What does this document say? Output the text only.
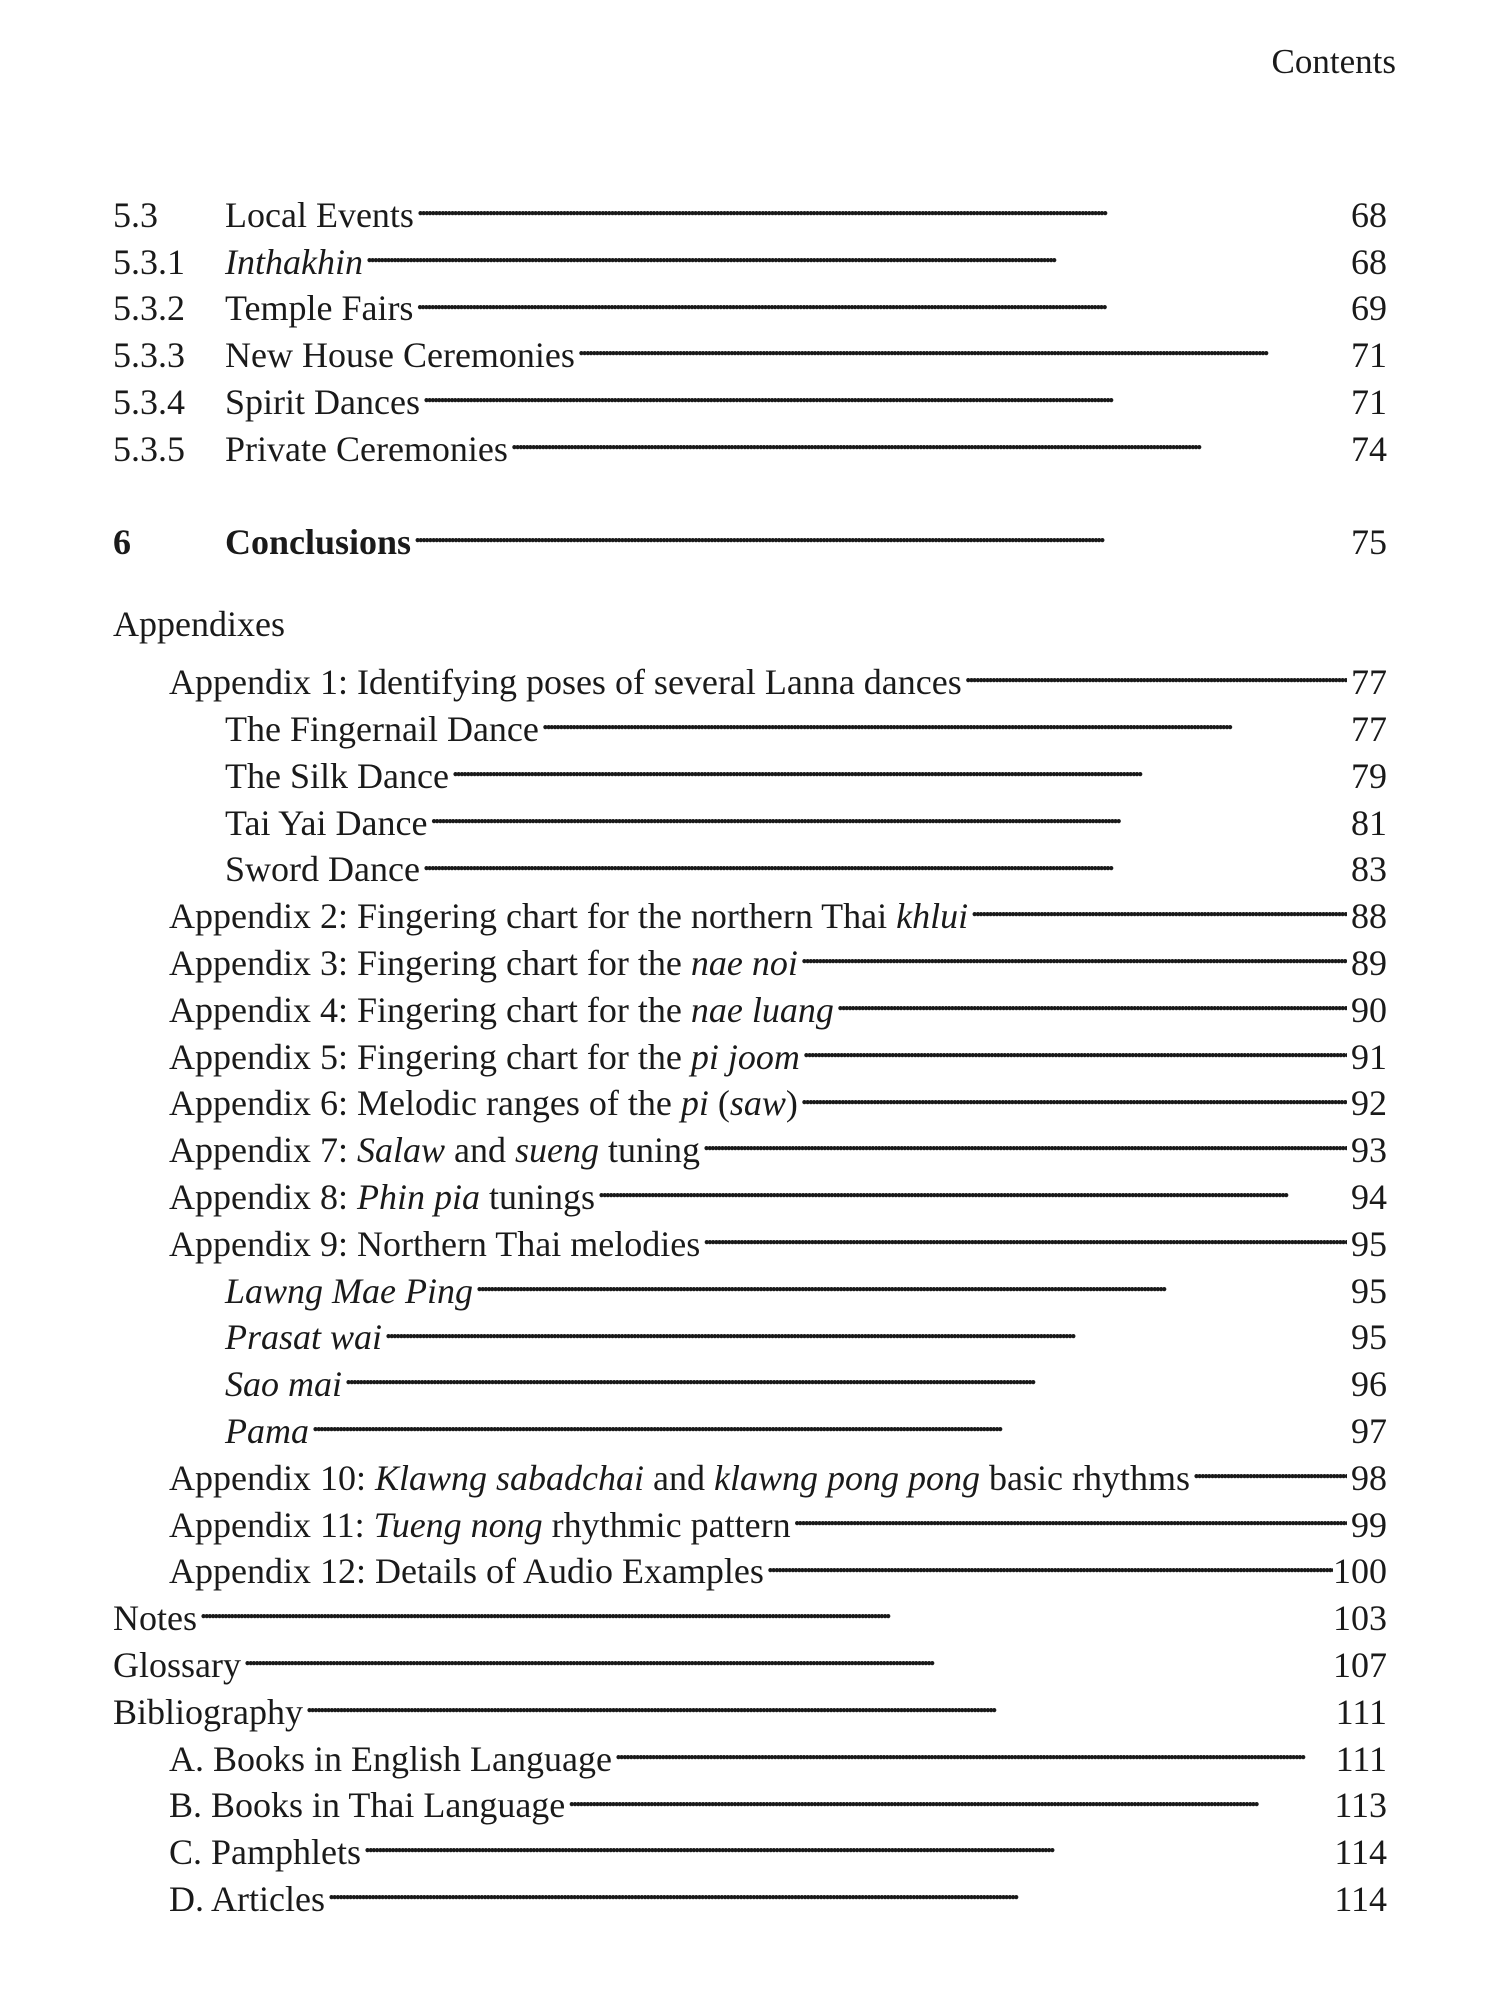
Contents
5.3	Local Events . . .	68
5.3.1	Inthakhin . . .	68
5.3.2	Temple Fairs . . .	69
5.3.3	New House Ceremonies . . .	71
5.3.4	Spirit Dances . . .	71
5.3.5	Private Ceremonies . . .	74
6	Conclusions . . .	75
Appendixes
Appendix 1: Identifying poses of several Lanna dances . . .	77
The Fingernail Dance . . .	77
The Silk Dance . . .	79
Tai Yai Dance . . .	81
Sword Dance . . .	83
Appendix 2: Fingering chart for the northern Thai khlui . . .	88
Appendix 3: Fingering chart for the nae noi . . .	89
Appendix 4: Fingering chart for the nae luang . . .	90
Appendix 5: Fingering chart for the pi joom . . .	91
Appendix 6: Melodic ranges of the pi (saw) . . .	92
Appendix 7: Salaw and sueng tuning . . .	93
Appendix 8: Phin pia tunings . . .	94
Appendix 9: Northern Thai melodies . . .	95
Lawng Mae Ping . . .	95
Prasat wai . . .	95
Sao mai . . .	96
Pama . . .	97
Appendix 10: Klawng sabadchai and klawng pong pong basic rhythms . . .	98
Appendix 11: Tueng nong rhythmic pattern . . .	99
Appendix 12: Details of Audio Examples . . .	100
Notes . . .	103
Glossary . . .	107
Bibliography . . .	111
A. Books in English Language . . .	111
B. Books in Thai Language . . .	113
C. Pamphlets . . .	114
D. Articles . . .	114
